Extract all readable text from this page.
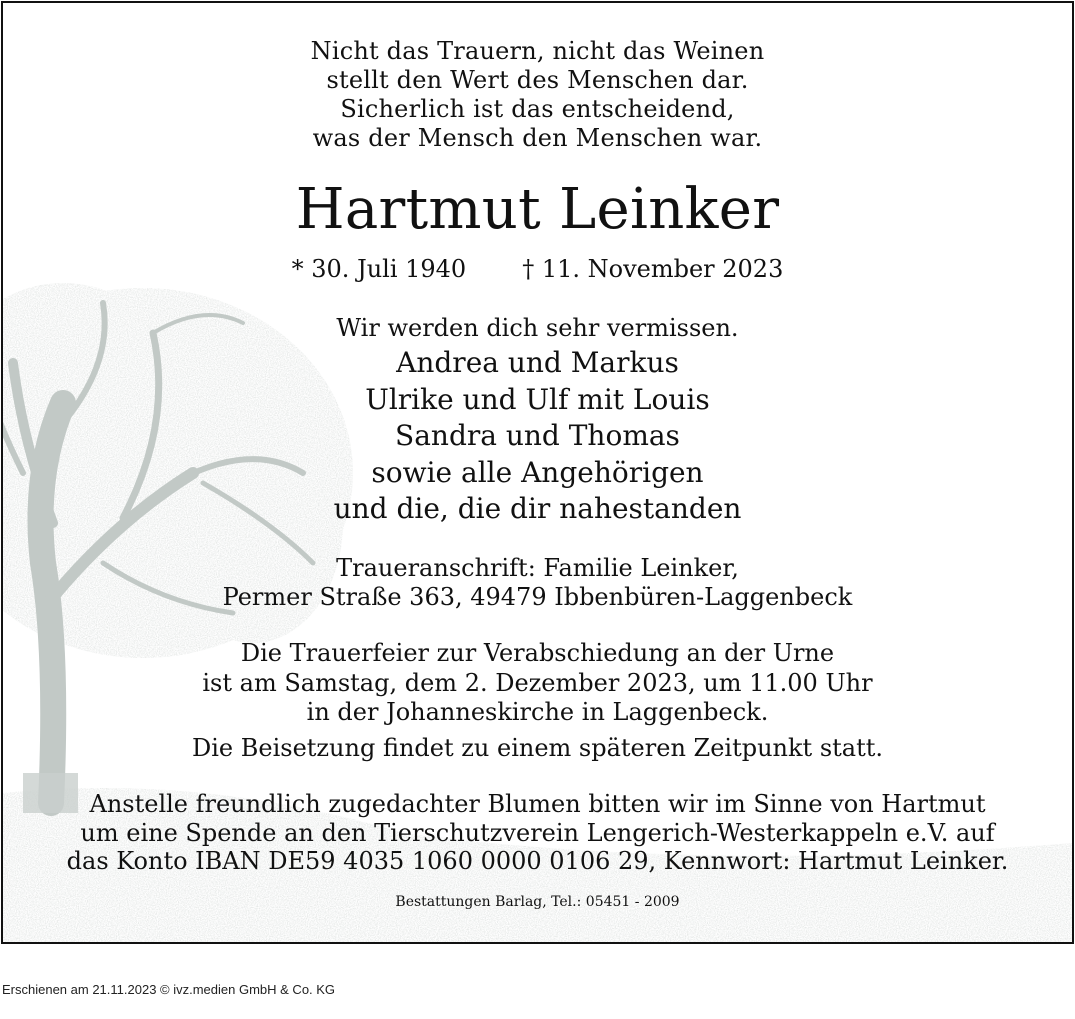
Nicht das Trauern, nicht das Weinen
stellt den Wert des Menschen dar.
Sicherlich ist das entscheidend,
was der Mensch den Menschen war.
Hartmut Leinker
* 30. Juli 1940 † 11. November 2023
Wir werden dich sehr vermissen.
Andrea und Markus
Ulrike und Ulf mit Louis
Sandra und Thomas
sowie alle Angehörigen
und die, die dir nahestanden
Traueranschrift: Familie Leinker,
Permer Straße 363, 49479 Ibbenbüren-Laggenbeck
Die Trauerfeier zur Verabschiedung an der Urne
ist am Samstag, dem 2. Dezember 2023, um 11.00 Uhr
in der Johanneskirche in Laggenbeck.
Die Beisetzung findet zu einem späteren Zeitpunkt statt.
Anstelle freundlich zugedachter Blumen bitten wir im Sinne von Hartmut
um eine Spende an den Tierschutzverein Lengerich-Westerkappeln e.V. auf
das Konto IBAN DE59 4035 1060 0000 0106 29, Kennwort: Hartmut Leinker.
Bestattungen Barlag, Tel.: 05451 - 2009
Erschienen am 21.11.2023 © ivz.medien GmbH & Co. KG
